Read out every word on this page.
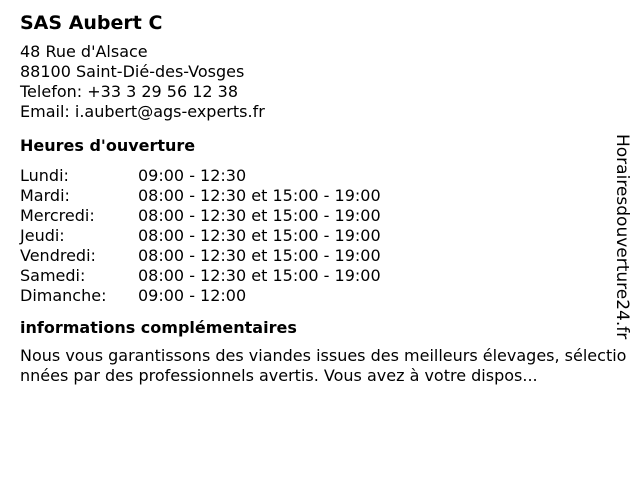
SAS Aubert C
48 Rue d'Alsace
88100 Saint-Dié-des-Vosges
Telefon: +33 3 29 56 12 38
Email: i.aubert@ags-experts.fr
Heures d'ouverture
Lundi:	09:00 - 12:30
Mardi:	08:00 - 12:30 et 15:00 - 19:00
Mercredi:	08:00 - 12:30 et 15:00 - 19:00
Jeudi:	08:00 - 12:30 et 15:00 - 19:00
Vendredi:	08:00 - 12:30 et 15:00 - 19:00
Samedi:	08:00 - 12:30 et 15:00 - 19:00
Dimanche:	09:00 - 12:00
informations complémentaires
Nous vous garantissons des viandes issues des meilleurs élevages, sélectionnées par des professionnels avertis. Vous avez à votre dispos...
Horairesdouverture24.fr
